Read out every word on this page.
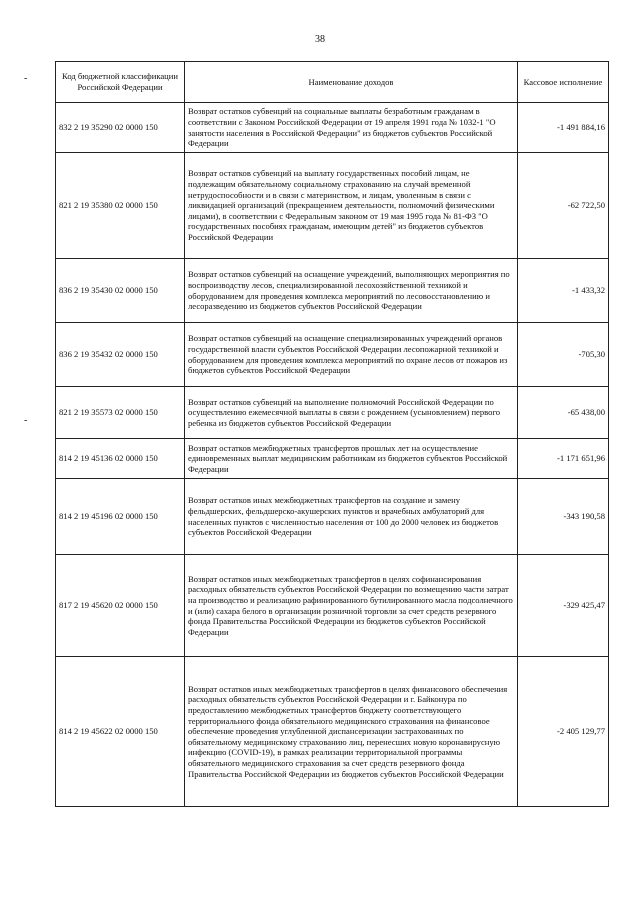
38
-
-
Код бюджетной классификации Российской Федерации	Наименование доходов	Кассовое исполнение
832 2 19 35290 02 0000 150	Возврат остатков субвенций на социальные выплаты безработным гражданам в соответствии с Законом Российской Федерации от 19 апреля 1991 года № 1032-1 "О занятости населения в Российской Федерации" из бюджетов субъектов Российской Федерации	-1 491 884,16
821 2 19 35380 02 0000 150	Возврат остатков субвенций на выплату государственных пособий лицам, не подлежащим обязательному социальному страхованию на случай временной нетрудоспособности и в связи с материнством, и лицам, уволенным в связи с ликвидацией организаций (прекращением деятельности, полномочий физическими лицами), в соответствии с Федеральным законом от 19 мая 1995 года № 81-ФЗ "О государственных пособиях гражданам, имеющим детей" из бюджетов субъектов Российской Федерации	-62 722,50
836 2 19 35430 02 0000 150	Возврат остатков субвенций на оснащение учреждений, выполняющих мероприятия по воспроизводству лесов, специализированной лесохозяйственной техникой и оборудованием для проведения комплекса мероприятий по лесовосстановлению и лесоразведению из бюджетов субъектов Российской Федерации	-1 433,32
836 2 19 35432 02 0000 150	Возврат остатков субвенций на оснащение специализированных учреждений органов государственной власти субъектов Российской Федерации лесопожарной техникой и оборудованием для проведения комплекса мероприятий по охране лесов от пожаров из бюджетов субъектов Российской Федерации	-705,30
821 2 19 35573 02 0000 150	Возврат остатков субвенций на выполнение полномочий Российской Федерации по осуществлению ежемесячной выплаты в связи с рождением (усыновлением) первого ребенка из бюджетов субъектов Российской Федерации	-65 438,00
814 2 19 45136 02 0000 150	Возврат остатков межбюджетных трансфертов прошлых лет на осуществление единовременных выплат медицинским работникам из бюджетов субъектов Российской Федерации	-1 171 651,96
814 2 19 45196 02 0000 150	Возврат остатков иных межбюджетных трансфертов на создание и замену фельдшерских, фельдшерско-акушерских пунктов и врачебных амбулаторий для населенных пунктов с численностью населения от 100 до 2000 человек из бюджетов субъектов Российской Федерации	-343 190,58
817 2 19 45620 02 0000 150	Возврат остатков иных межбюджетных трансфертов в целях софинансирования расходных обязательств субъектов Российской Федерации по возмещению части затрат на производство и реализацию рафинированного бутилированного масла подсолнечного и (или) сахара белого в организации розничной торговли за счет средств резервного фонда Правительства Российской Федерации из бюджетов субъектов Российской Федерации	-329 425,47
814 2 19 45622 02 0000 150	Возврат остатков иных межбюджетных трансфертов в целях финансового обеспечения расходных обязательств субъектов Российской Федерации и г. Байконура по предоставлению межбюджетных трансфертов бюджету соответствующего территориального фонда обязательного медицинского страхования на финансовое обеспечение проведения углубленной диспансеризации застрахованных по обязательному медицинскому страхованию лиц, перенесших новую коронавирусную инфекцию (COVID-19), в рамках реализации территориальной программы обязательного медицинского страхования за счет средств резервного фонда Правительства Российской Федерации из бюджетов субъектов Российской Федерации	-2 405 129,77
